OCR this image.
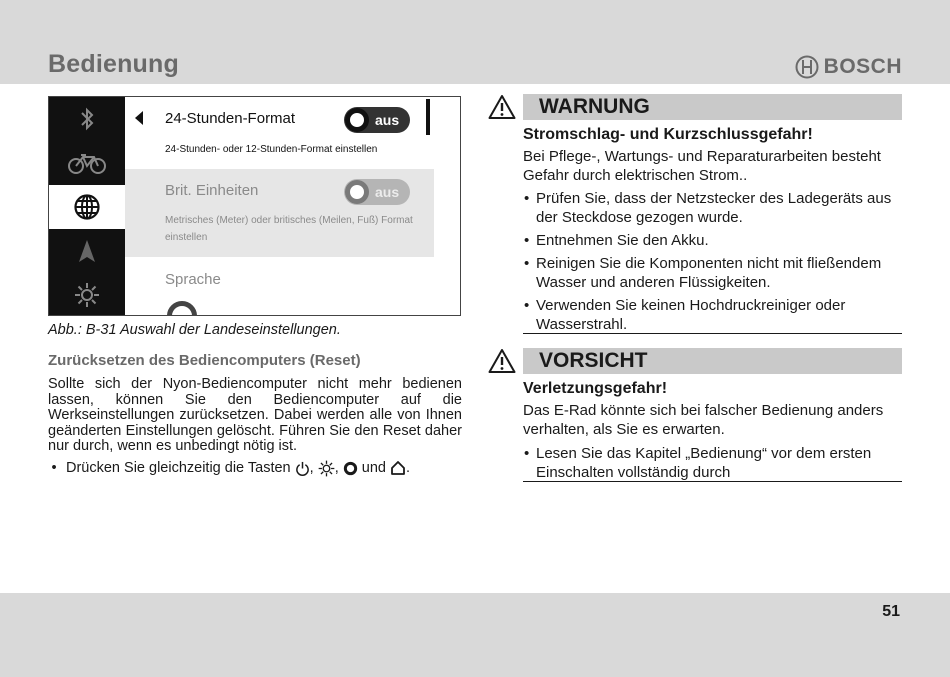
Bedienung	BOSCH
24-Stunden-Format
24-Stunden- oder 12-Stunden-Format einstellen
aus
Brit. Einheiten
Metrisches (Meter) oder britisches (Meilen, Fuß) Format einstellen
aus
Sprache
Abb.: B-31 Auswahl der Landeseinstellungen.
Zurücksetzen des Bediencomputers (Reset)
Sollte sich der Nyon-Bediencomputer nicht mehr bedienen lassen, können Sie den Bediencomputer auf die Werkseinstellungen zurücksetzen. Dabei werden alle von Ihnen geänderten Einstellungen gelöscht. Führen Sie den Reset daher nur durch, wenn es unbedingt nötig ist.
• Drücken Sie gleichzeitig die Tasten , , und .
WARNUNG
Stromschlag- und Kurzschlussgefahr!
Bei Pflege-, Wartungs- und Reparaturarbeiten besteht Gefahr durch elektrischen Strom..
• Prüfen Sie, dass der Netzstecker des Ladegeräts aus der Steckdose gezogen wurde.
• Entnehmen Sie den Akku.
• Reinigen Sie die Komponenten nicht mit fließendem Wasser und anderen Flüssigkeiten.
• Verwenden Sie keinen Hochdruckreiniger oder Wasserstrahl.
VORSICHT
Verletzungsgefahr!
Das E-Rad könnte sich bei falscher Bedienung anders verhalten, als Sie es erwarten.
• Lesen Sie das Kapitel „Bedienung“ vor dem ersten Einschalten vollständig durch
51
